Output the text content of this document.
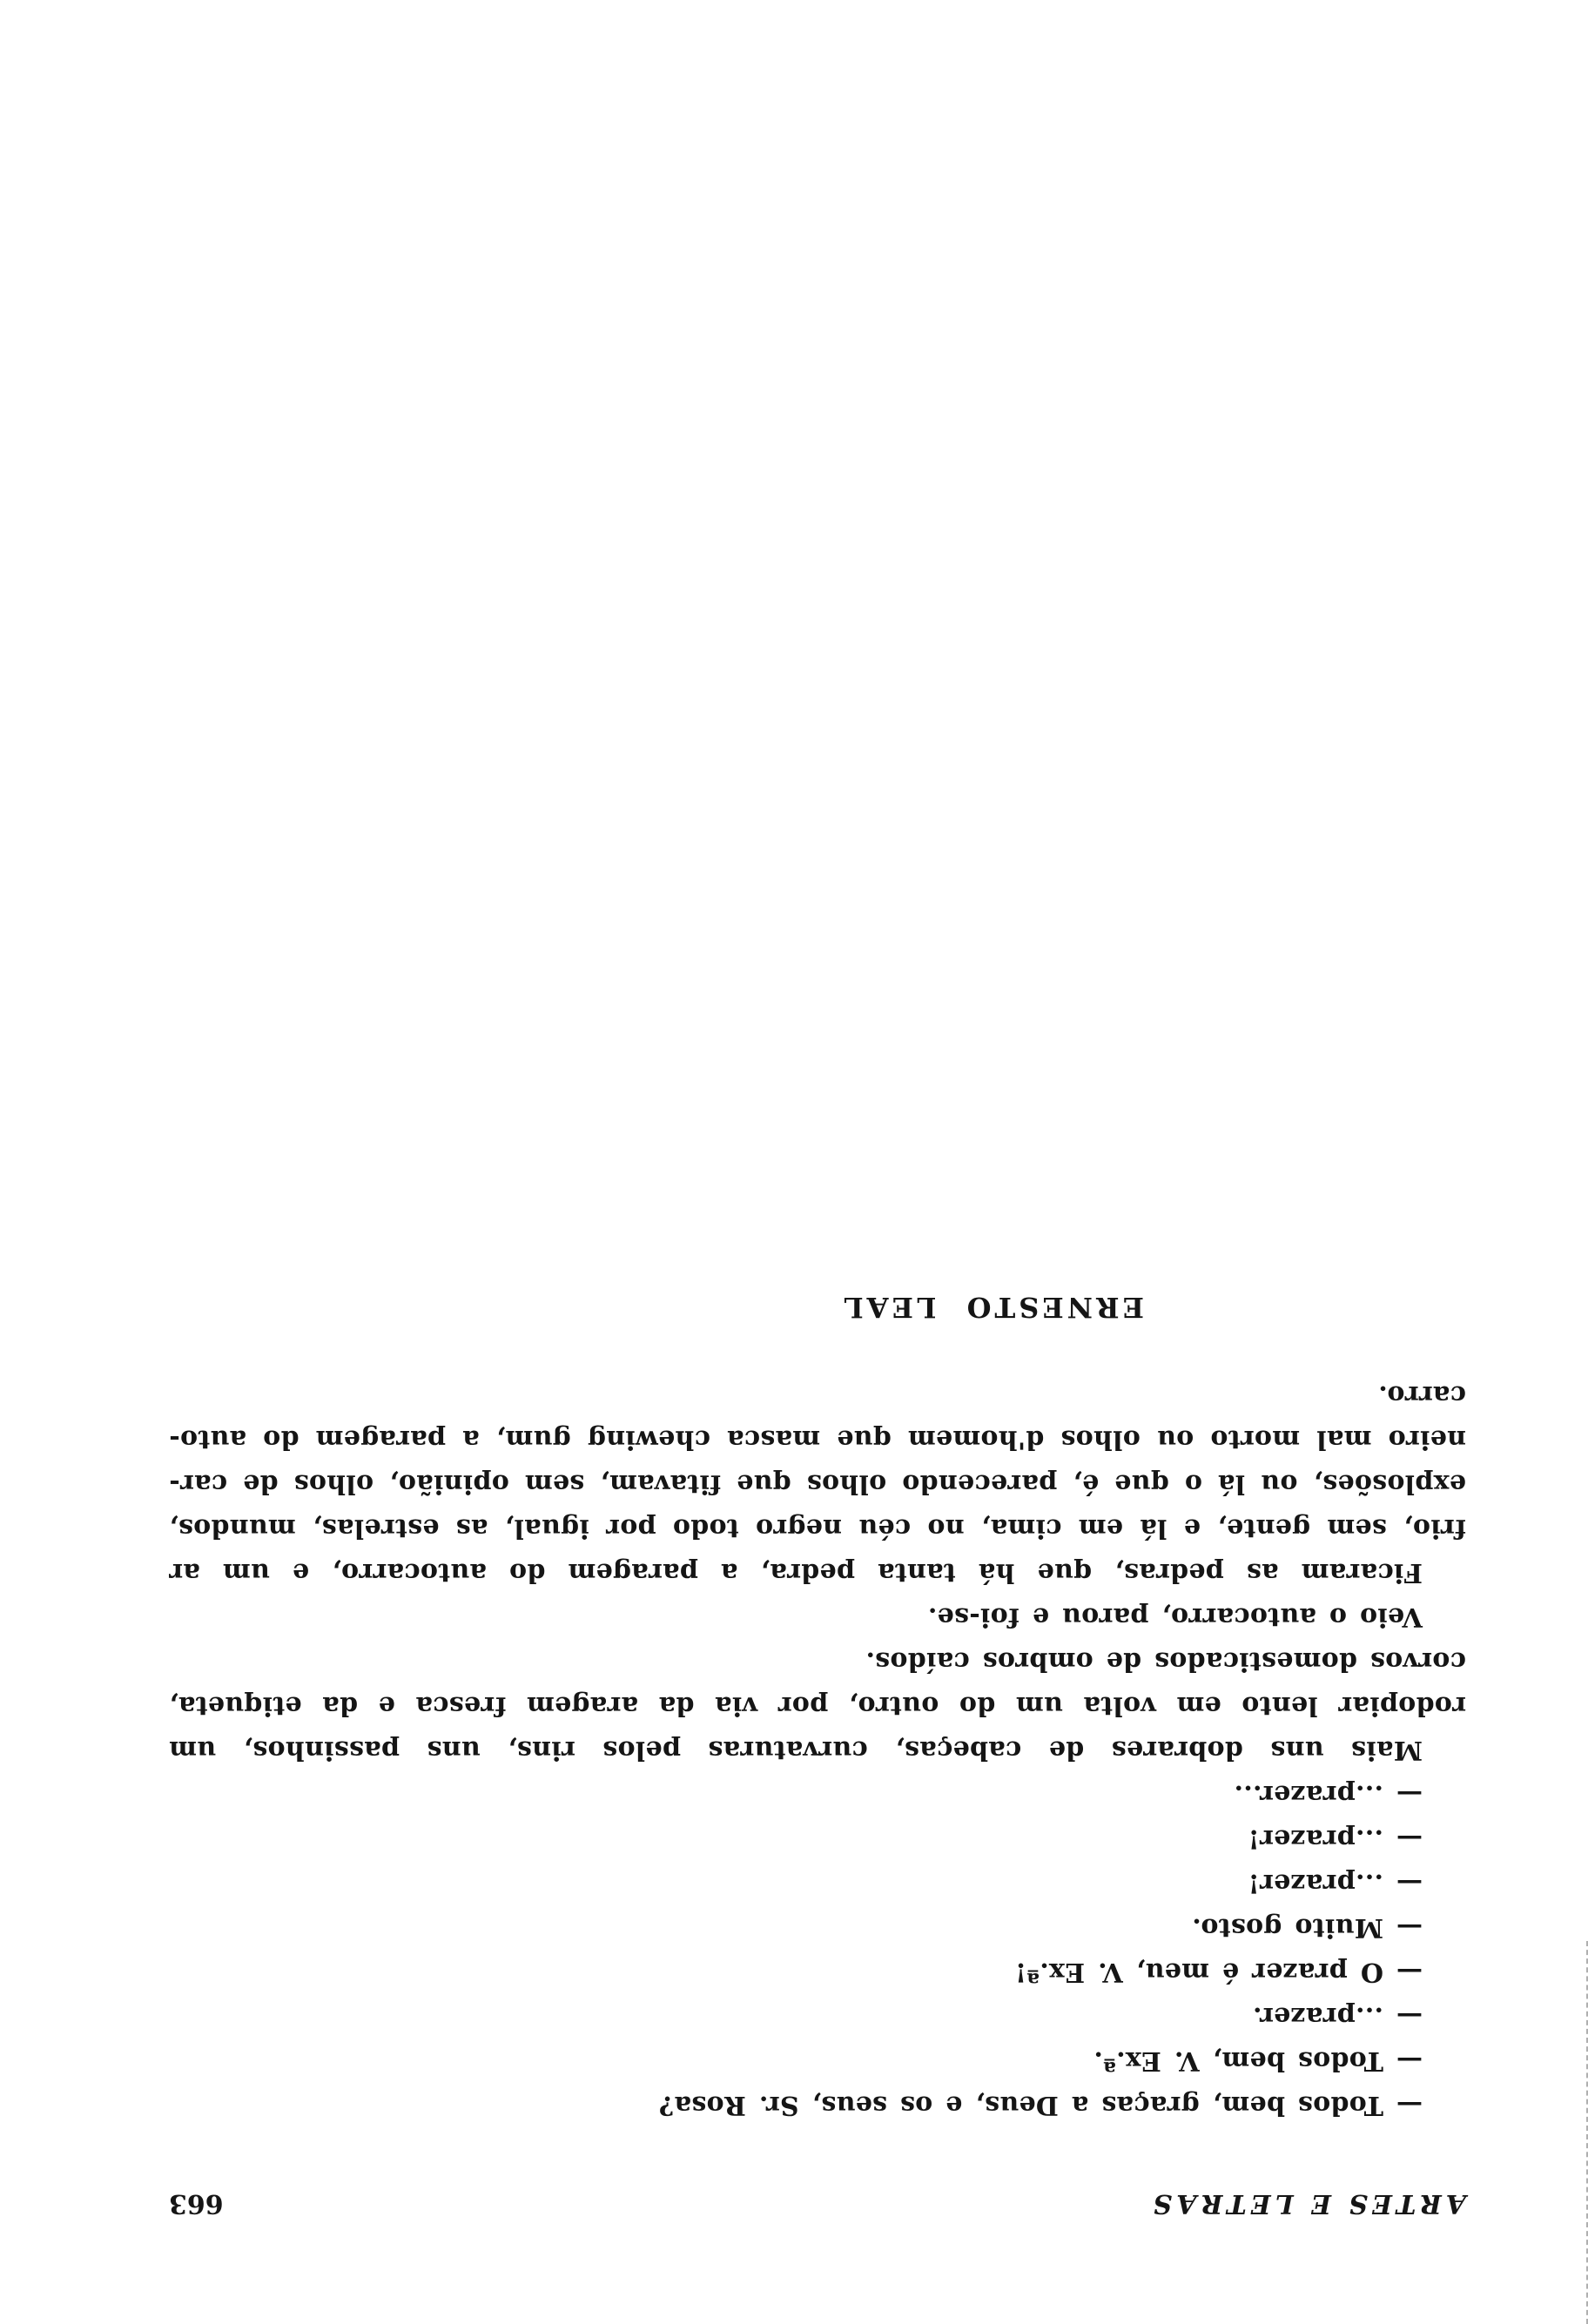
ARTES E LETRAS
663
— Todos bem, graças a Deus, e os seus, Sr. Rosa?
— Todos bem, V. Ex.ª.
— ...prazer.
— O prazer é meu, V. Ex.ª!
— Muito gosto.
— ...prazer!
— ...prazer!
— ...prazer...
Mais uns dobrares de cabeças, curvaturas pelos rins, uns passinhos, um
rodopiar lento em volta um do outro, por via da aragem fresca e da etiqueta,
corvos domesticados de ombros caídos.
Veio o autocarro, parou e foi-se.
Ficaram as pedras, que há tanta pedra, a paragem do autocarro, e um ar
frio, sem gente, e lá em cima, no céu negro todo por igual, as estrelas, mundos,
explosões, ou lá o que é, parecendo olhos que fitavam, sem opinião, olhos de car-
neiro mal morto ou olhos d'homem que masca chewing gum, a paragem do auto-
carro.
ERNESTO LEAL
